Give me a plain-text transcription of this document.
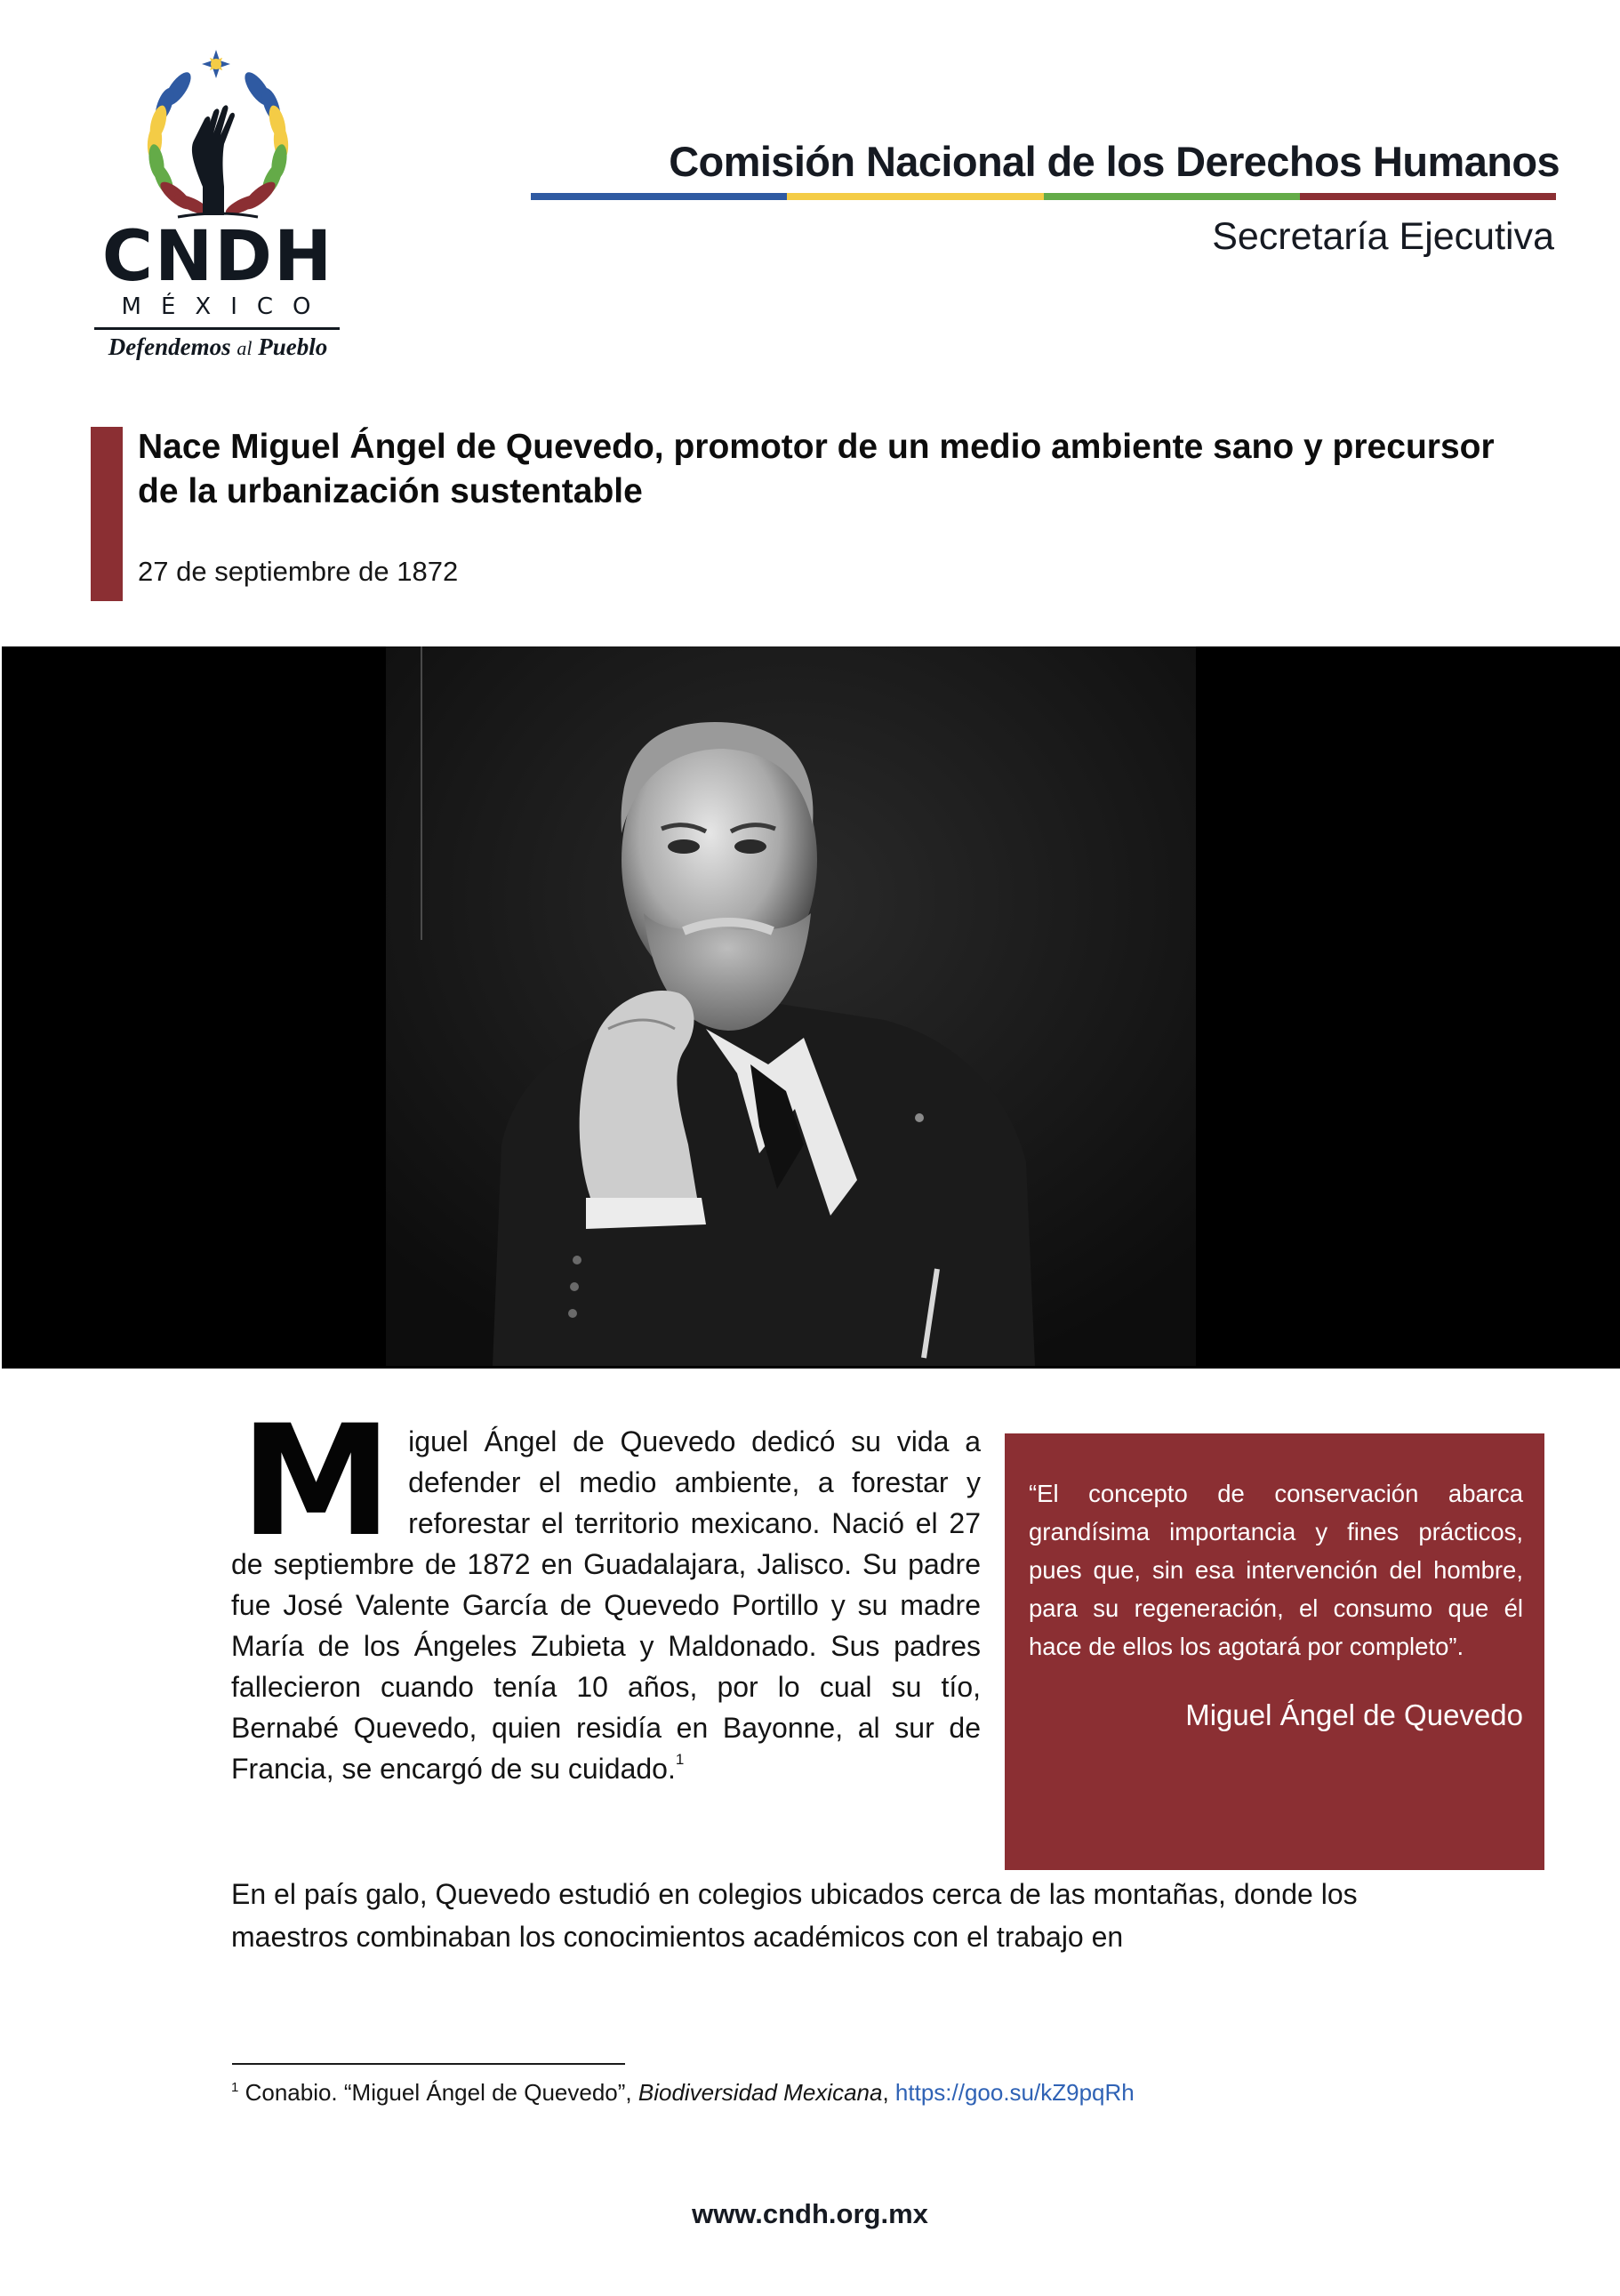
CNDH
MÉXICO
Defendemos al Pueblo
Comisión Nacional de los Derechos Humanos
Secretaría Ejecutiva
Nace Miguel Ángel de Quevedo, promotor de un medio ambiente sano y precursor de la urbanización sustentable
27 de septiembre de 1872
M iguel Ángel de Quevedo dedicó su vida a defender el medio ambiente, a forestar y reforestar el territorio mexicano. Nació el 27 de septiembre de 1872 en Guadalajara, Jalisco. Su padre fue José Valente García de Quevedo Portillo y su madre María de los Ángeles Zubieta y Maldonado. Sus padres fallecieron cuando tenía 10 años, por lo cual su tío, Bernabé Quevedo, quien residía en Bayonne, al sur de Francia, se encargó de su cuidado.$^1$

“El concepto de conservación abarca grandísima importancia y fines prácticos, pues que, sin esa intervención del hombre, para su regeneración, el consumo que él hace de ellos los agotará por completo”.

Miguel Ángel de Quevedo

En el país galo, Quevedo estudió en colegios ubicados cerca de las montañas, donde los maestros combinaban los conocimientos académicos con el trabajo en

$^1$ Conabio. “Miguel Ángel de Quevedo”, Biodiversidad Mexicana, https://goo.su/kZ9pqRh
www.cndh.org.mx
